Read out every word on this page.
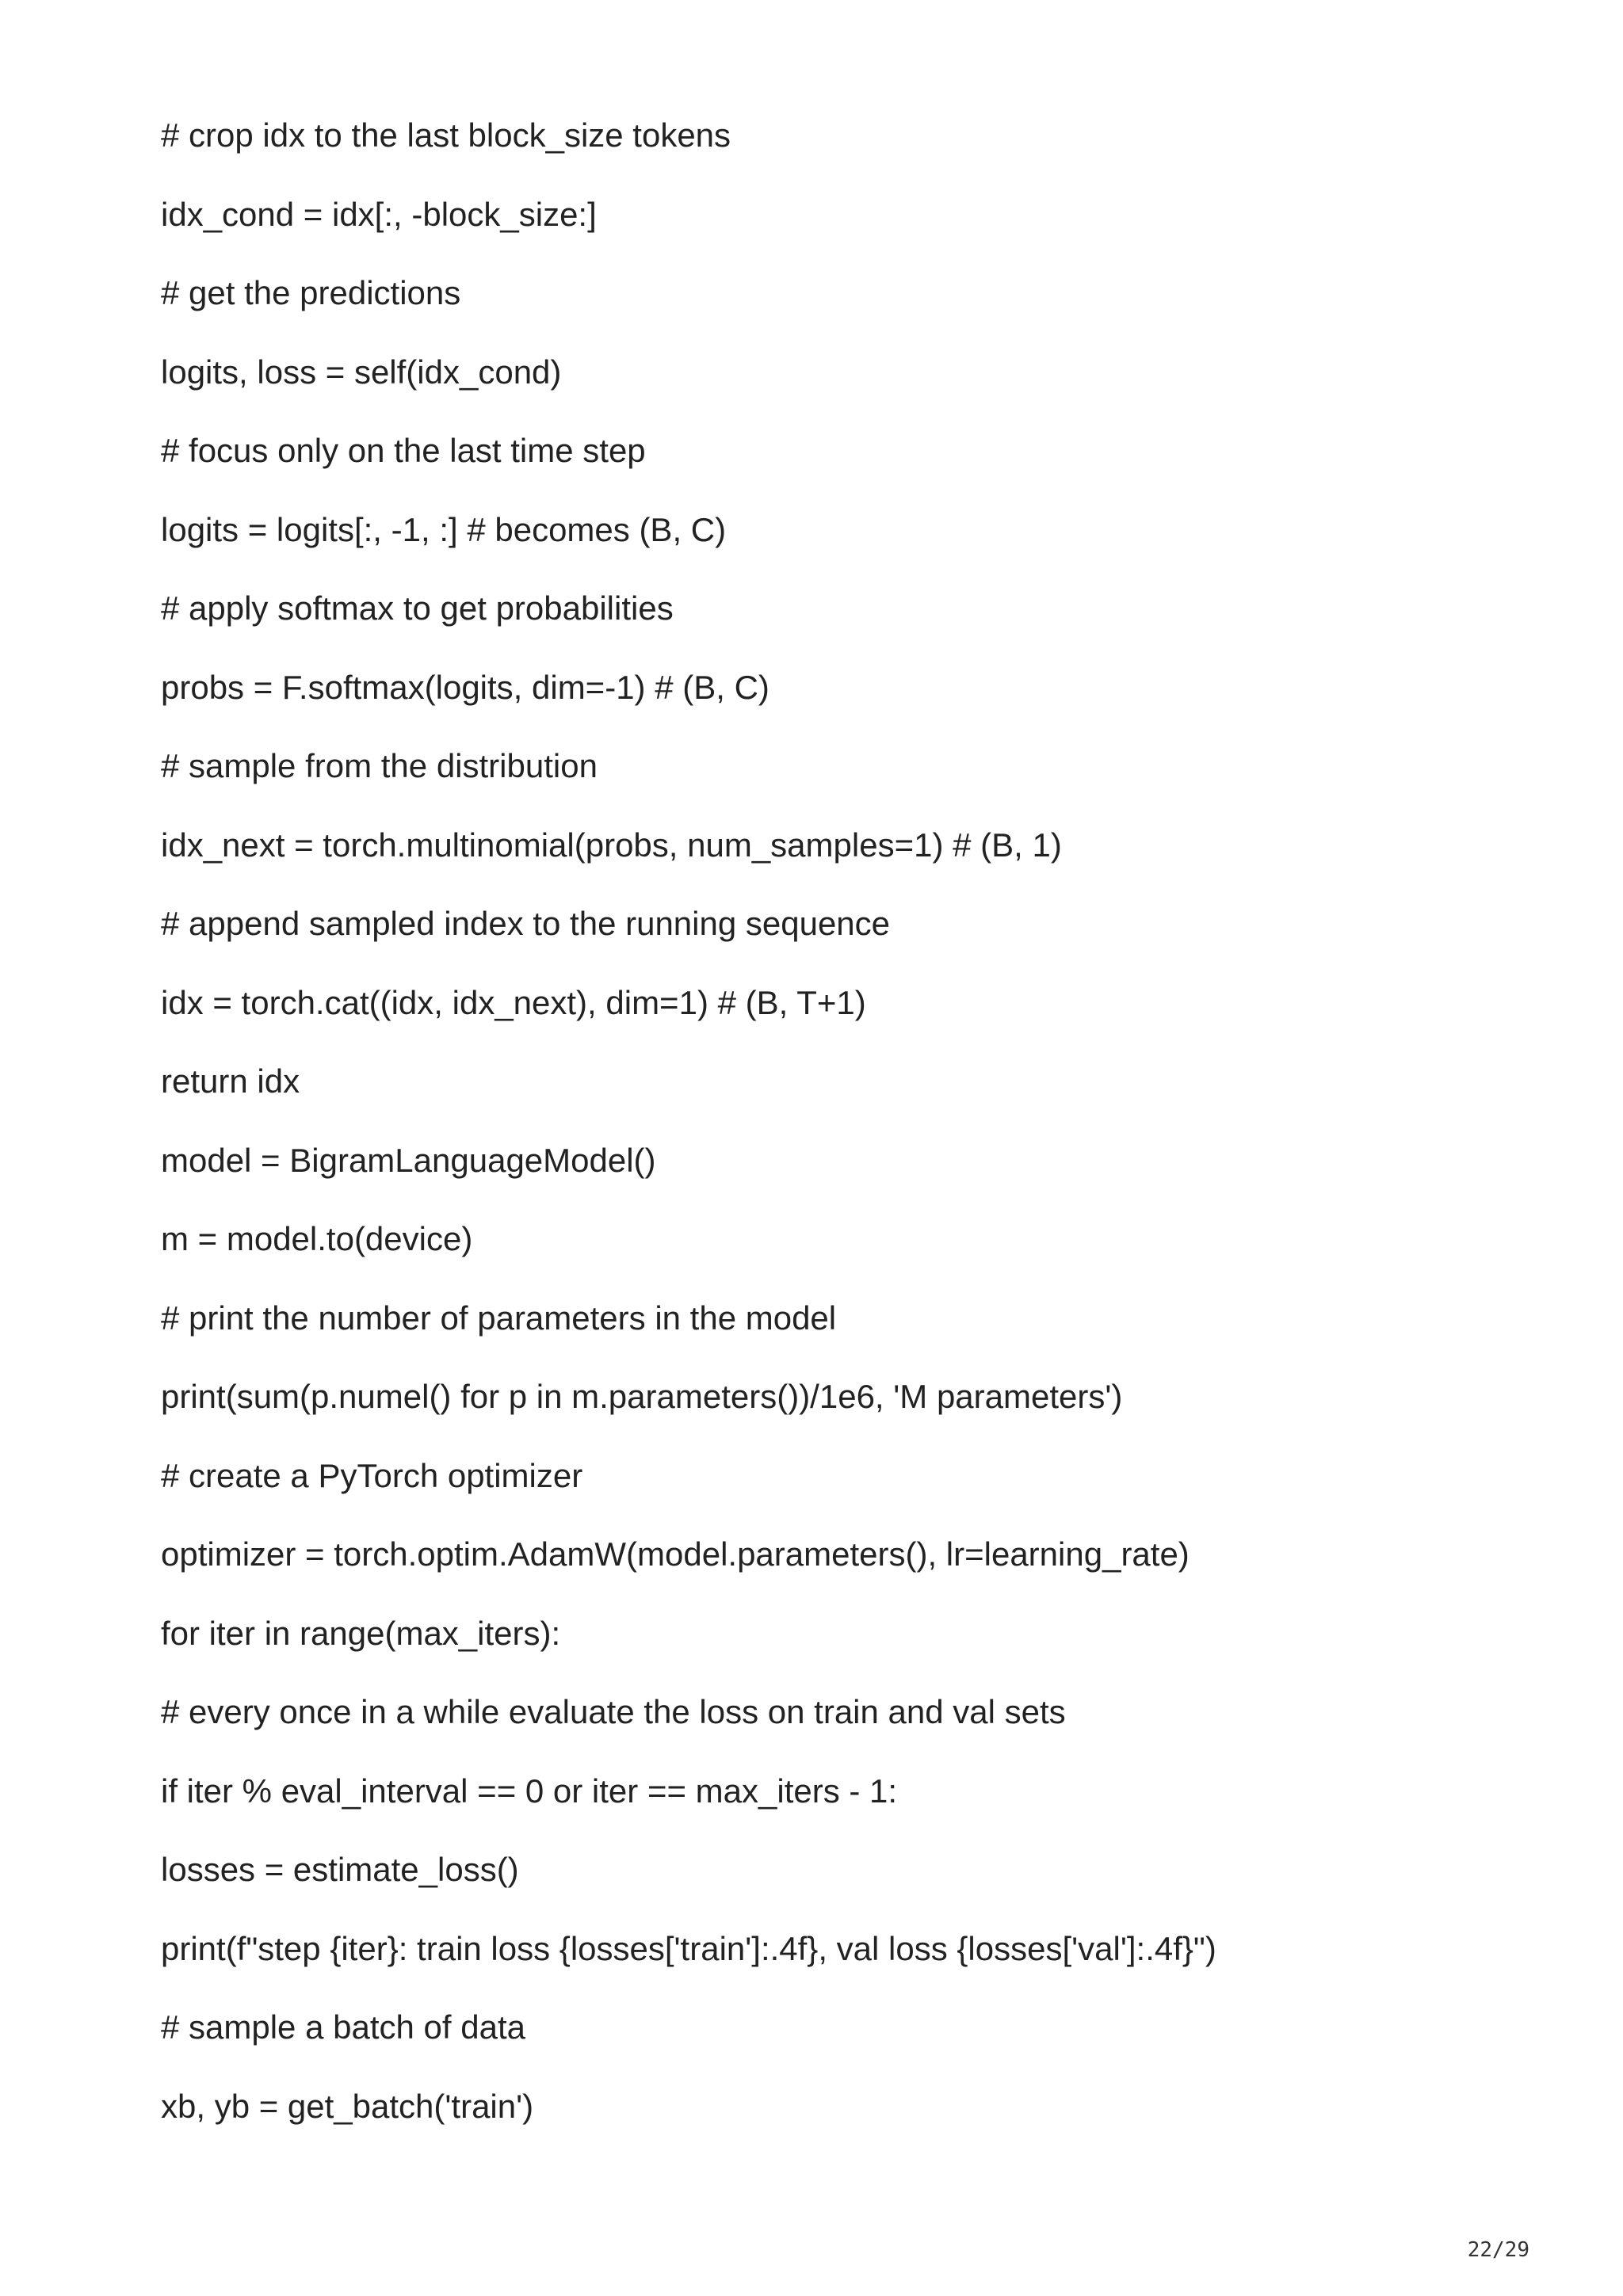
# crop idx to the last block_size tokens
idx_cond = idx[:, -block_size:]
# get the predictions
logits, loss = self(idx_cond)
# focus only on the last time step
logits = logits[:, -1, :] # becomes (B, C)
# apply softmax to get probabilities
probs = F.softmax(logits, dim=-1) # (B, C)
# sample from the distribution
idx_next = torch.multinomial(probs, num_samples=1) # (B, 1)
# append sampled index to the running sequence
idx = torch.cat((idx, idx_next), dim=1) # (B, T+1)
return idx
model = BigramLanguageModel()
m = model.to(device)
# print the number of parameters in the model
print(sum(p.numel() for p in m.parameters())/1e6, 'M parameters')
# create a PyTorch optimizer
optimizer = torch.optim.AdamW(model.parameters(), lr=learning_rate)
for iter in range(max_iters):
# every once in a while evaluate the loss on train and val sets
if iter % eval_interval == 0 or iter == max_iters - 1:
losses = estimate_loss()
print(f"step {iter}: train loss {losses['train']:.4f}, val loss {losses['val']:.4f}")
# sample a batch of data
xb, yb = get_batch('train')
22/29
